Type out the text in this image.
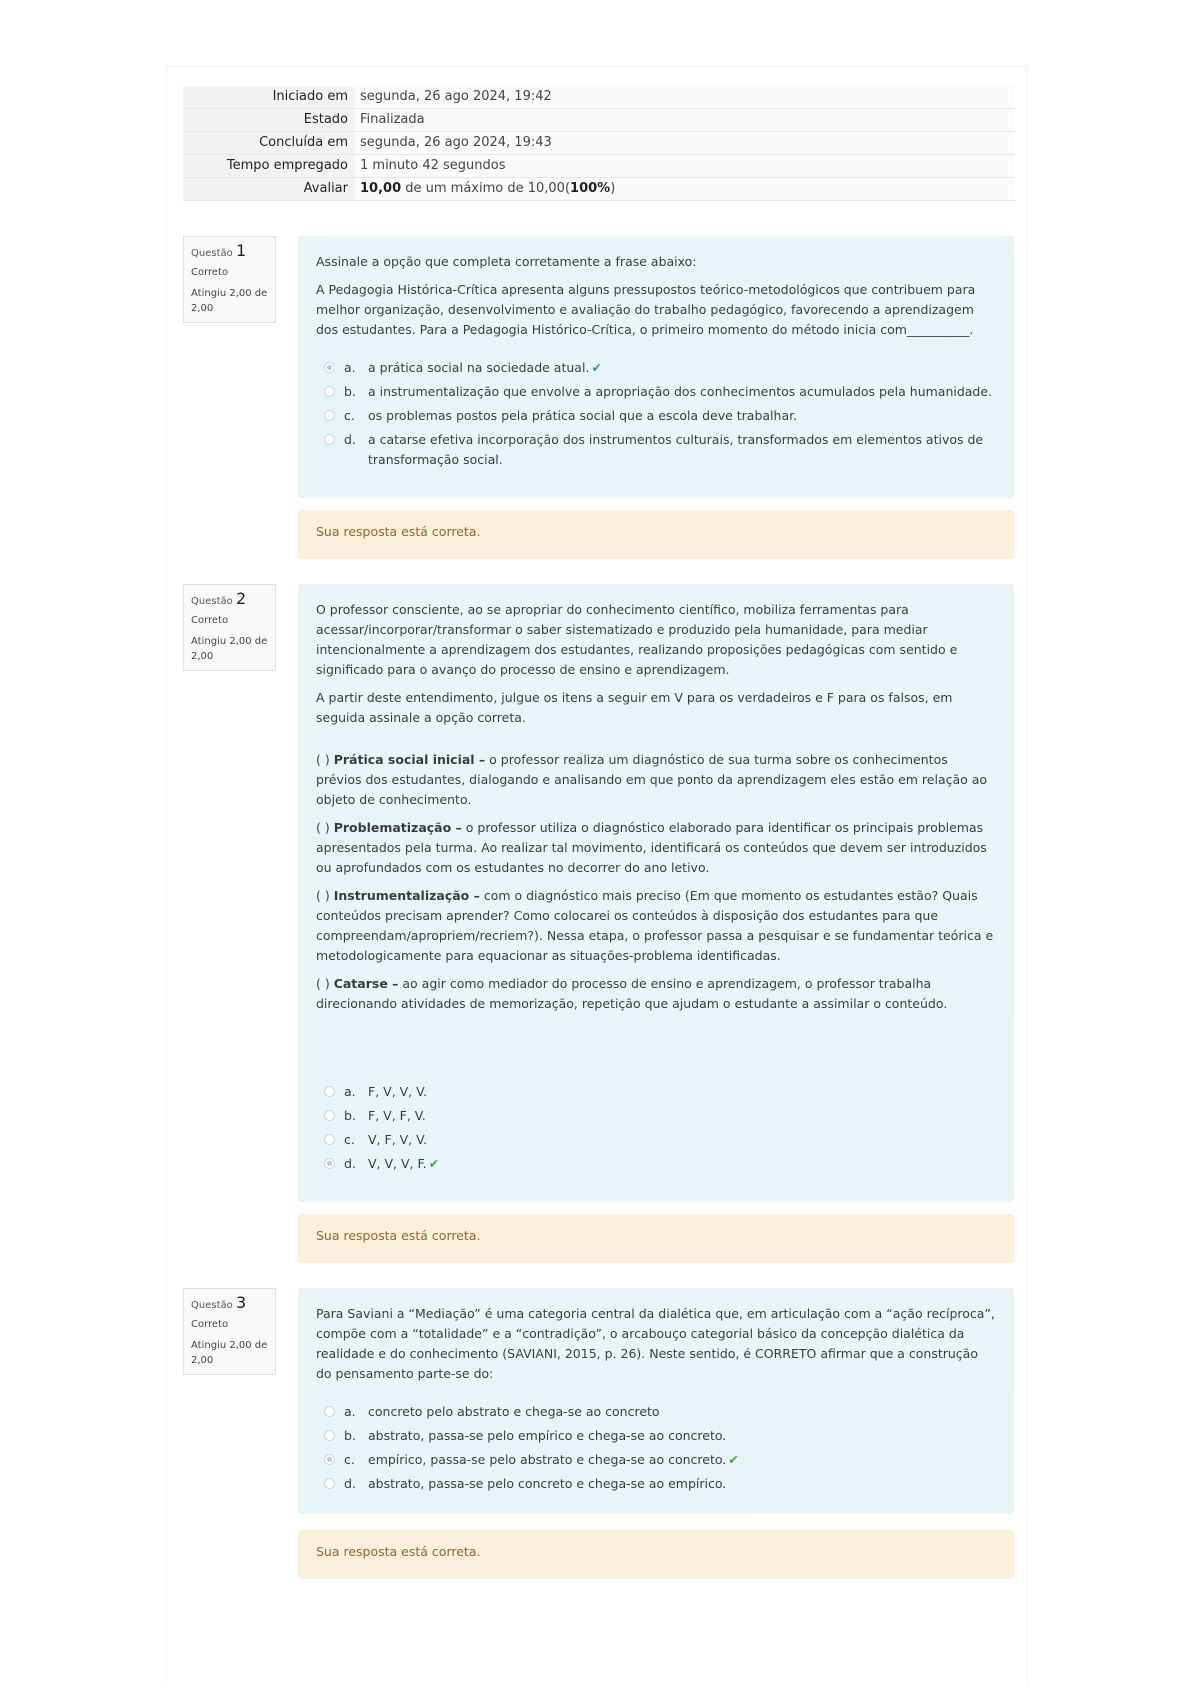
Iniciado em	segunda, 26 ago 2024, 19:42
Estado	Finalizada
Concluída em	segunda, 26 ago 2024, 19:43
Tempo empregado	1 minuto 42 segundos
Avaliar	10,00 de um máximo de 10,00(100%)
Questão 1
Correto
Atingiu 2,00 de 2,00

Assinale a opção que completa corretamente a frase abaixo:

A Pedagogia Histórica-Crítica apresenta alguns pressupostos teórico-metodológicos que contribuem para melhor organização, desenvolvimento e avaliação do trabalho pedagógico, favorecendo a aprendizagem dos estudantes. Para a Pedagogia Histórico-Crítica, o primeiro momento do método inicia com__________.

a. a prática social na sociedade atual. ✔
b. a instrumentalização que envolve a apropriação dos conhecimentos acumulados pela humanidade.
c.	os problemas postos pela prática social que a escola deve trabalhar.
d. a catarse efetiva incorporação dos instrumentos culturais, transformados em elementos ativos de transformação social.
Sua resposta está correta.
Questão 2
Correto
Atingiu 2,00 de 2,00

O professor consciente, ao se apropriar do conhecimento científico, mobiliza ferramentas para acessar/incorporar/transformar o saber sistematizado e produzido pela humanidade, para mediar intencionalmente a aprendizagem dos estudantes, realizando proposições pedagógicas com sentido e significado para o avanço do processo de ensino e aprendizagem.

A partir deste entendimento, julgue os itens a seguir em V para os verdadeiros e F para os falsos, em seguida assinale a opção correta.

( ) Prática social inicial – o professor realiza um diagnóstico de sua turma sobre os conhecimentos prévios dos estudantes, dialogando e analisando em que ponto da aprendizagem eles estão em relação ao objeto de conhecimento.

( ) Problematização – o professor utiliza o diagnóstico elaborado para identificar os principais problemas apresentados pela turma. Ao realizar tal movimento, identificará os conteúdos que devem ser introduzidos ou aprofundados com os estudantes no decorrer do ano letivo.

( ) Instrumentalização – com o diagnóstico mais preciso (Em que momento os estudantes estão? Quais conteúdos precisam aprender? Como colocarei os conteúdos à disposição dos estudantes para que compreendam/apropriem/recriem?). Nessa etapa, o professor passa a pesquisar e se fundamentar teórica e metodologicamente para equacionar as situações-problema identificadas.

( ) Catarse – ao agir como mediador do processo de ensino e aprendizagem, o professor trabalha direcionando atividades de memorização, repetição que ajudam o estudante a assimilar o conteúdo.

a. F, V, V, V.
b. F, V, F, V.
c.	V, F, V, V.
d. V, V, V, F. ✔
Sua resposta está correta.
Questão 3
Correto
Atingiu 2,00 de 2,00

Para Saviani a “Mediação” é uma categoria central da dialética que, em articulação com a “ação recíproca”, compõe com a “totalidade” e a “contradição”, o arcabouço categorial básico da concepção dialética da realidade e do conhecimento (SAVIANI, 2015, p. 26). Neste sentido, é CORRETO afirmar que a construção do pensamento parte-se do:

a. concreto pelo abstrato e chega-se ao concreto
b. abstrato, passa-se pelo empírico e chega-se ao concreto.
c.	empírico, passa-se pelo abstrato e chega-se ao concreto. ✔
d. abstrato, passa-se pelo concreto e chega-se ao empírico.
Sua resposta está correta.
